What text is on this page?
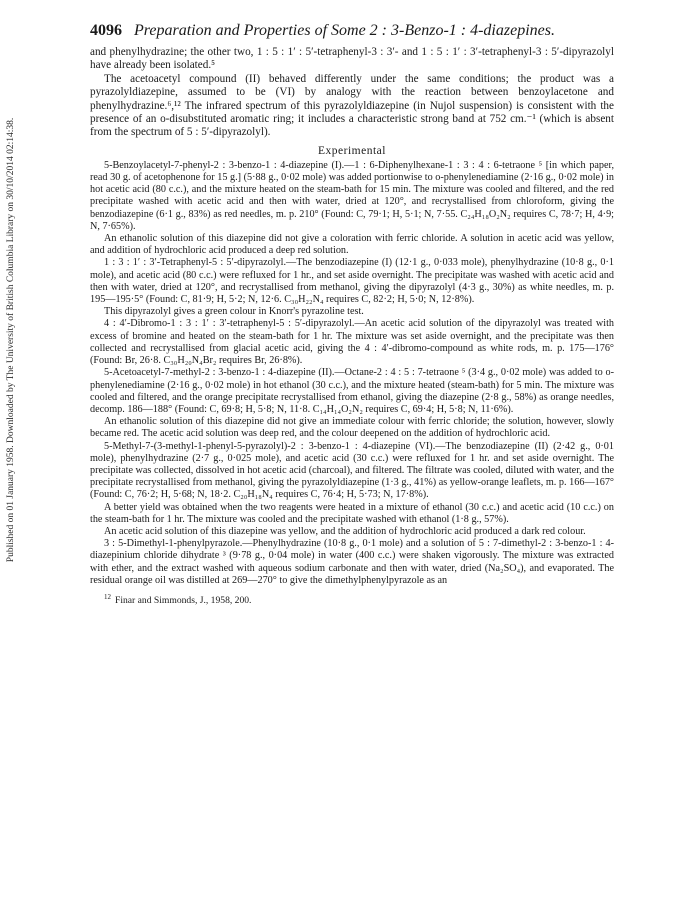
Published on 01 January 1958. Downloaded by The University of British Columbia Library on 30/10/2014 02:14:38.
4096 Preparation and Properties of Some 2 : 3-Benzo-1 : 4-diazepines.

and phenylhydrazine; the other two, 1 : 5 : 1′ : 5′-tetraphenyl-3 : 3′- and 1 : 5 : 1′ : 3′-tetraphenyl-3 : 5′-dipyrazolyl have already been isolated.⁵

The acetoacetyl compound (II) behaved differently under the same conditions; the product was a pyrazolyldiazepine, assumed to be (VI) by analogy with the reaction between benzoylacetone and phenylhydrazine.⁶,¹² The infrared spectrum of this pyrazolyldiazepine (in Nujol suspension) is consistent with the presence of an o-disubstituted aromatic ring; it includes a characteristic strong band at 752 cm.⁻¹ (which is absent from the spectrum of 5 : 5′-dipyrazolyl).

Experimental

5-Benzoylacetyl-7-phenyl-2 : 3-benzo-1 : 4-diazepine (I).—1 : 6-Diphenylhexane-1 : 3 : 4 : 6-tetraone ⁵ [in which paper, read 30 g. of acetophenone for 15 g.] (5·88 g., 0·02 mole) was added portionwise to o-phenylenediamine (2·16 g., 0·02 mole) in hot acetic acid (80 c.c.), and the mixture heated on the steam-bath for 15 min. The mixture was cooled and filtered, and the red precipitate washed with acetic acid and then with water, dried at 120°, and recrystallised from chloroform, giving the benzodiazepine (6·1 g., 83%) as red needles, m. p. 210° (Found: C, 79·1; H, 5·1; N, 7·55. C₂₄H₁₈O₂N₂ requires C, 78·7; H, 4·9; N, 7·65%).

An ethanolic solution of this diazepine did not give a coloration with ferric chloride. A solution in acetic acid was yellow, and addition of hydrochloric acid produced a deep red solution.

1 : 3 : 1′ : 3′-Tetraphenyl-5 : 5′-dipyrazolyl.—The benzodiazepine (I) (12·1 g., 0·033 mole), phenylhydrazine (10·8 g., 0·1 mole), and acetic acid (80 c.c.) were refluxed for 1 hr., and set aside overnight. The precipitate was washed with acetic acid and then with water, dried at 120°, and recrystallised from methanol, giving the dipyrazolyl (4·3 g., 30%) as white needles, m. p. 195—195·5° (Found: C, 81·9; H, 5·2; N, 12·6. C₃₀H₂₂N₄ requires C, 82·2; H, 5·0; N, 12·8%).

This dipyrazolyl gives a green colour in Knorr's pyrazoline test.

4 : 4′-Dibromo-1 : 3 : 1′ : 3′-tetraphenyl-5 : 5′-dipyrazolyl.—An acetic acid solution of the dipyrazolyl was treated with excess of bromine and heated on the steam-bath for 1 hr. The mixture was set aside overnight, and the precipitate was then collected and recrystallised from glacial acetic acid, giving the 4 : 4′-dibromo-compound as white rods, m. p. 175—176° (Found: Br, 26·8. C₃₀H₂₀N₄Br₂ requires Br, 26·8%).

5-Acetoacetyl-7-methyl-2 : 3-benzo-1 : 4-diazepine (II).—Octane-2 : 4 : 5 : 7-tetraone ⁵ (3·4 g., 0·02 mole) was added to o-phenylenediamine (2·16 g., 0·02 mole) in hot ethanol (30 c.c.), and the mixture heated (steam-bath) for 5 min. The mixture was cooled and filtered, and the orange precipitate recrystallised from ethanol, giving the diazepine (2·8 g., 58%) as orange needles, decomp. 186—188° (Found: C, 69·8; H, 5·8; N, 11·8. C₁₄H₁₄O₂N₂ requires C, 69·4; H, 5·8; N, 11·6%).

An ethanolic solution of this diazepine did not give an immediate colour with ferric chloride; the solution, however, slowly became red. The acetic acid solution was deep red, and the colour deepened on the addition of hydrochloric acid.

5-Methyl-7-(3-methyl-1-phenyl-5-pyrazolyl)-2 : 3-benzo-1 : 4-diazepine (VI).—The benzodiazepine (II) (2·42 g., 0·01 mole), phenylhydrazine (2·7 g., 0·025 mole), and acetic acid (30 c.c.) were refluxed for 1 hr. and set aside overnight. The precipitate was collected, dissolved in hot acetic acid (charcoal), and filtered. The filtrate was cooled, diluted with water, and the precipitate recrystallised from methanol, giving the pyrazolyldiazepine (1·3 g., 41%) as yellow-orange leaflets, m. p. 166—167° (Found: C, 76·2; H, 5·68; N, 18·2. C₂₀H₁₈N₄ requires C, 76·4; H, 5·73; N, 17·8%).

A better yield was obtained when the two reagents were heated in a mixture of ethanol (30 c.c.) and acetic acid (10 c.c.) on the steam-bath for 1 hr. The mixture was cooled and the precipitate washed with ethanol (1·8 g., 57%).

An acetic acid solution of this diazepine was yellow, and the addition of hydrochloric acid produced a dark red colour.

3 : 5-Dimethyl-1-phenylpyrazole.—Phenylhydrazine (10·8 g., 0·1 mole) and a solution of 5 : 7-dimethyl-2 : 3-benzo-1 : 4-diazepinium chloride dihydrate ³ (9·78 g., 0·04 mole) in water (400 c.c.) were shaken vigorously. The mixture was extracted with ether, and the extract washed with aqueous sodium carbonate and then with water, dried (Na₂SO₄), and evaporated. The residual orange oil was distilled at 269—270° to give the dimethylphenylpyrazole as an

$^{12}$ Finar and Simmonds, J., 1958, 200.
